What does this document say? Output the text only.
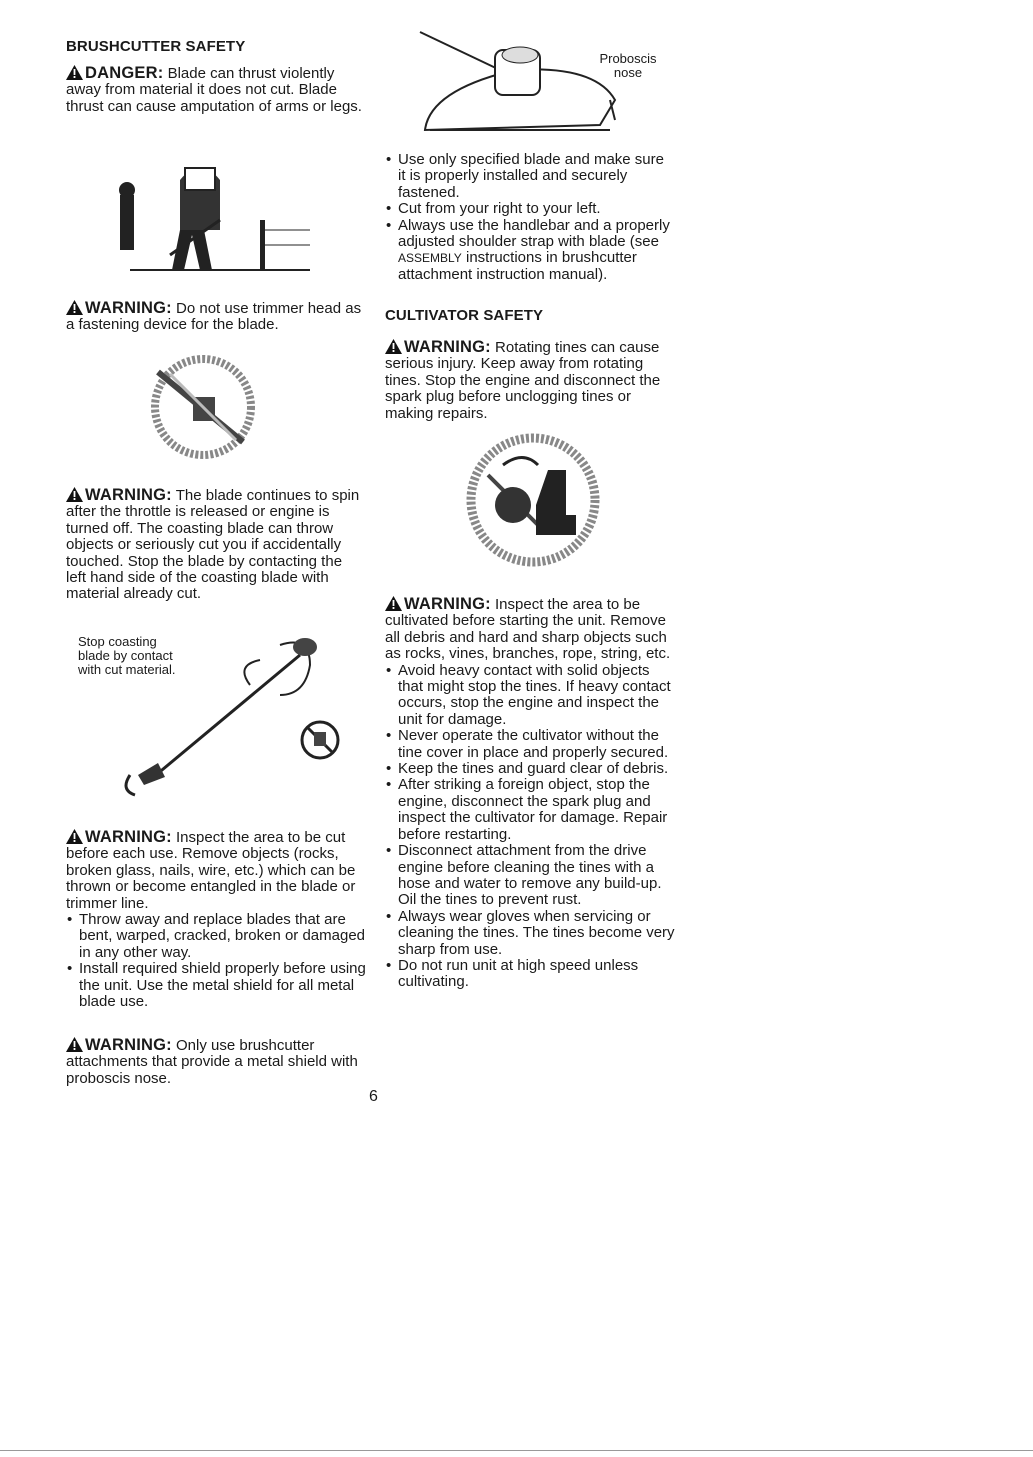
BRUSHCUTTER SAFETY

DANGER: Blade can thrust violently away from material it does not cut. Blade thrust can cause amputation of arms or legs.

WARNING: Do not use trimmer head as a fastening device for the blade.

WARNING: The blade continues to spin after the throttle is released or engine is turned off. The coasting blade can throw objects or seriously cut you if accidentally touched. Stop the blade by contacting the left hand side of the coasting blade with material already cut.

Stop coasting
blade by contact
with cut material.

WARNING: Inspect the area to be cut before each use. Remove objects (rocks, broken glass, nails, wire, etc.) which can be thrown or become entangled in the blade or trimmer line.

• Throw away and replace blades that are bent, warped, cracked, broken or damaged in any other way.
• Install required shield properly before using the unit. Use the metal shield for all metal blade use.

WARNING: Only use brushcutter attachments that provide a metal shield with proboscis nose.

Proboscis
nose
• Use only specified blade and make sure it is properly installed and securely fastened.
• Cut from your right to your left.
• Always use the handlebar and a properly adjusted shoulder strap with blade (see ASSEMBLY instructions in brushcutter attachment instruction manual).
CULTIVATOR SAFETY

WARNING: Rotating tines can cause serious injury. Keep away from rotating tines. Stop the engine and disconnect the spark plug before unclogging tines or making repairs.

WARNING: Inspect the area to be cultivated before starting the unit. Remove all debris and hard and sharp objects such as rocks, vines, branches, rope, string, etc.

• Avoid heavy contact with solid objects that might stop the tines. If heavy contact occurs, stop the engine and inspect the unit for damage.
• Never operate the cultivator without the tine cover in place and properly secured.
• Keep the tines and guard clear of debris.
• After striking a foreign object, stop the engine, disconnect the spark plug and inspect the cultivator for damage. Repair before restarting.
• Disconnect attachment from the drive engine before cleaning the tines with a hose and water to remove any build-up. Oil the tines to prevent rust.
• Always wear gloves when servicing or cleaning the tines. The tines become very sharp from use.
• Do not run unit at high speed unless cultivating.
6
